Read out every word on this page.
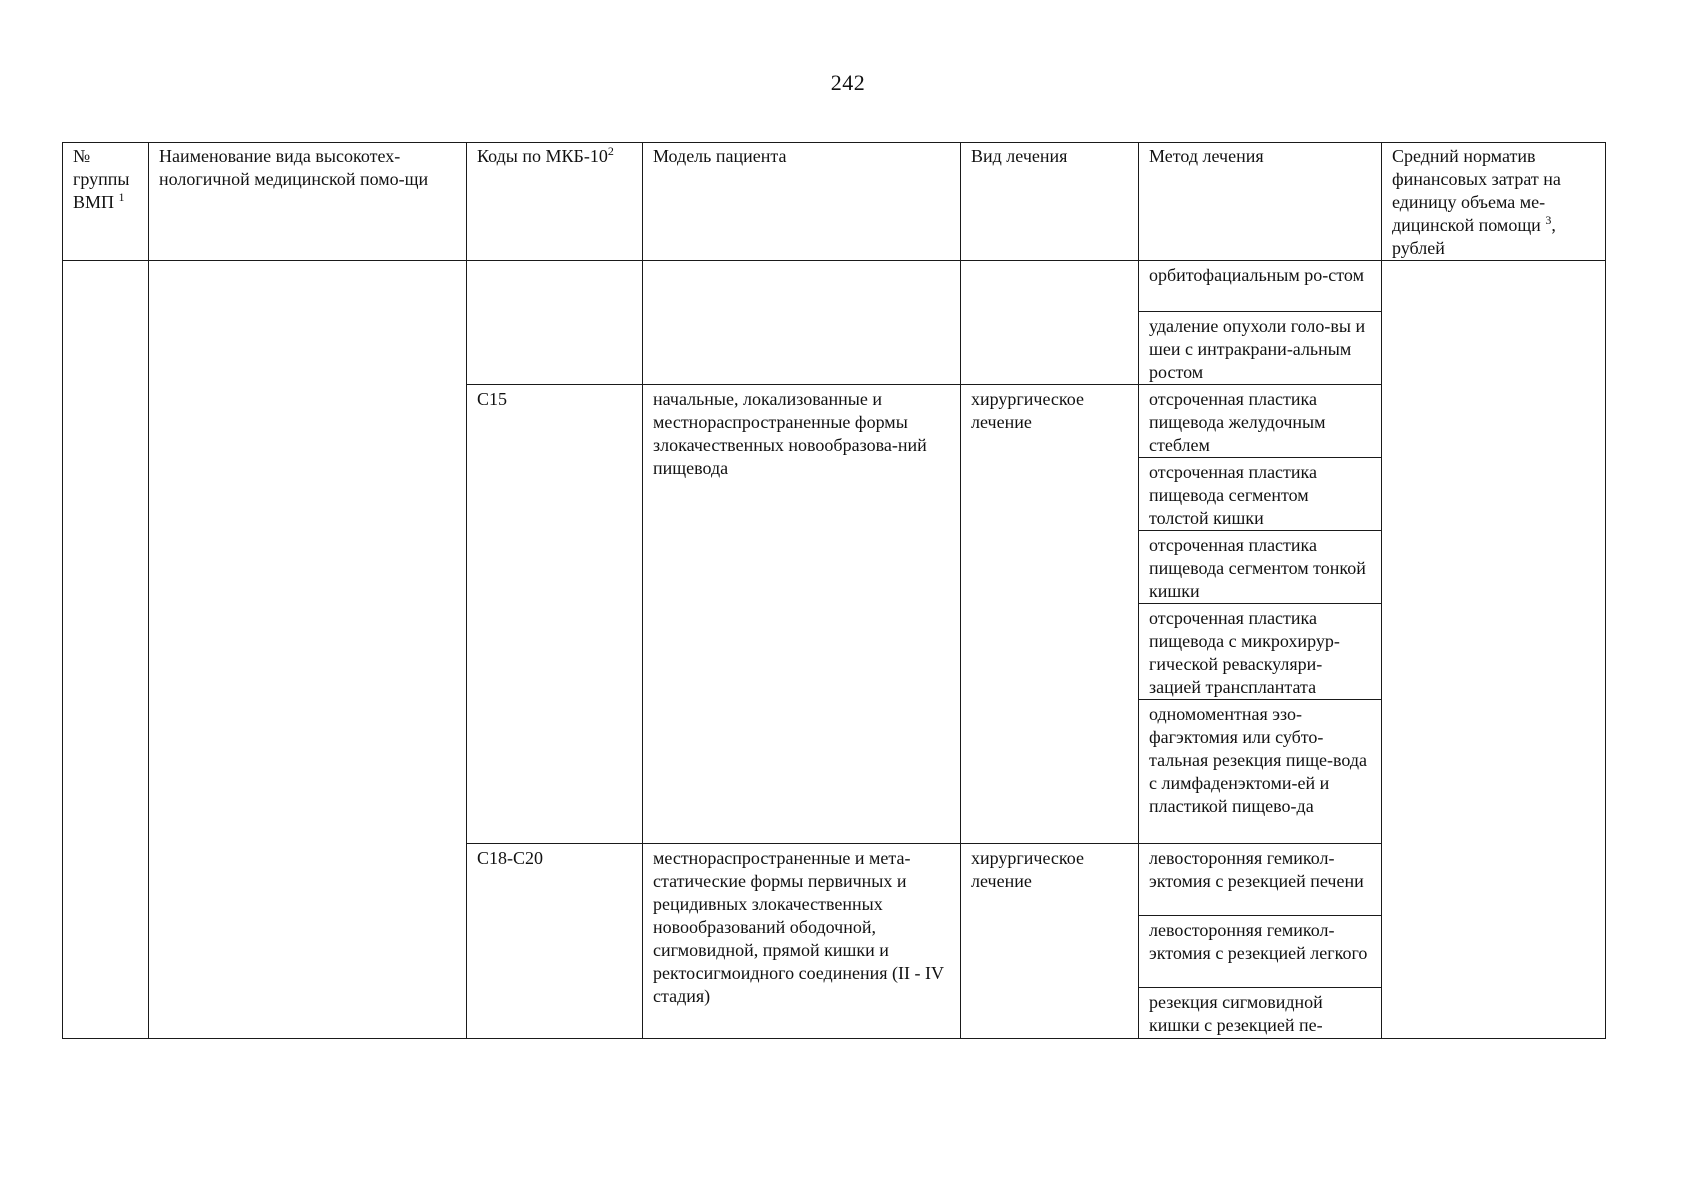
242
№ группы ВМП $^1$	Наименование вида высокотех-нологичной медицинской помо-щи	Коды по МКБ-$10^2$	Модель пациента	Вид лечения	Метод лечения	Средний норматив финансовых затрат на единицу объема ме-дицинской помощи $^3$, рублей
					орбитофациальным ро-стом	
					удаление опухоли голо-вы и шеи с интракрани-альным ростом	
		C15	начальные, локализованные и местнораспространенные формы злокачественных новообразова-ний пищевода	хирургическое лечение	отсроченная пластика пищевода желудочным стеблем	
					отсроченная пластика пищевода сегментом толстой кишки	
					отсроченная пластика пищевода сегментом тонкой кишки	
					отсроченная пластика пищевода с микрохирур-гической реваскуляри-зацией трансплантата	
					одномоментная эзо-фагэктомия или субто-тальная резекция пище-вода с лимфаденэктоми-ей и пластикой пищево-да	
		C18-C20	местнораспространенные и мета-статические формы первичных и рецидивных злокачественных новообразований ободочной, сигмовидной, прямой кишки и ректосигмоидного соединения (II - IV стадия)	хирургическое лечение	левосторонняя гемикол-эктомия с резекцией печени	
					левосторонняя гемикол-эктомия с резекцией легкого	
					резекция сигмовидной кишки с резекцией пе-	
